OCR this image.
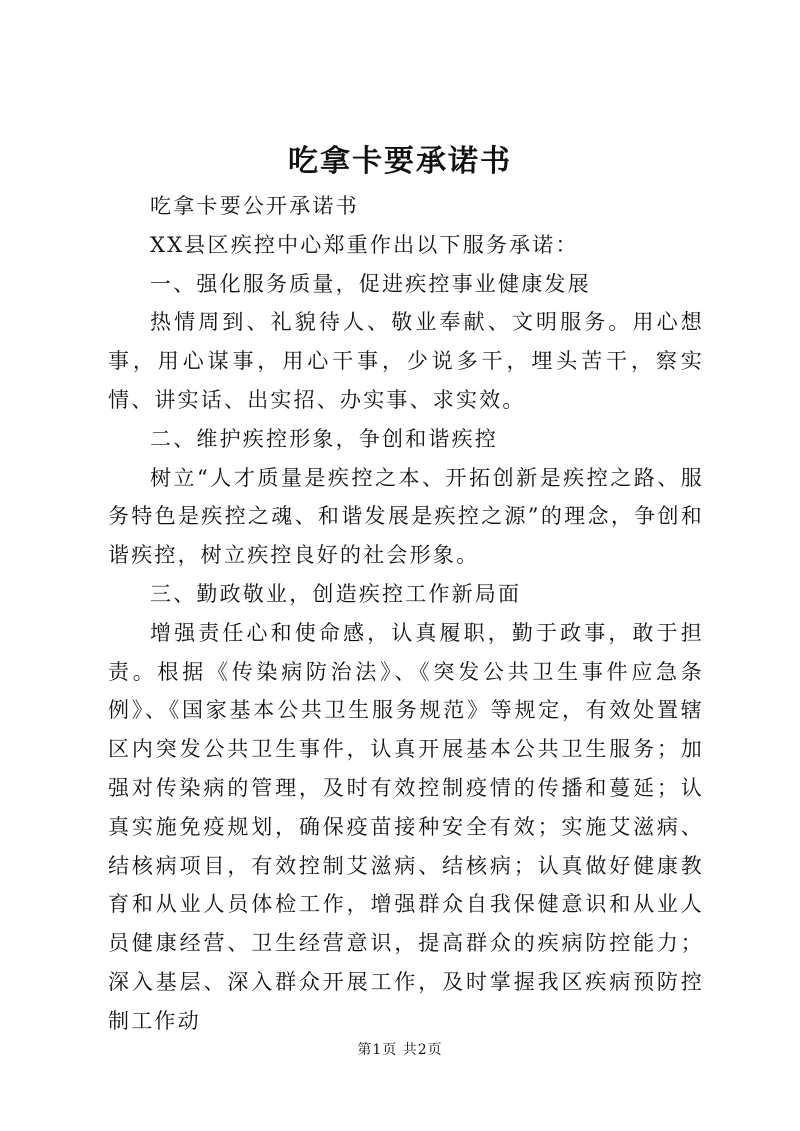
吃拿卡要承诺书

吃拿卡要公开承诺书

XX县区疾控中心郑重作出以下服务承诺：

一、强化服务质量，促进疾控事业健康发展

热情周到、礼貌待人、敬业奉献、文明服务。用心想事，用心谋事，用心干事，少说多干，埋头苦干，察实情、讲实话、出实招、办实事、求实效。

二、维护疾控形象，争创和谐疾控

树立“人才质量是疾控之本、开拓创新是疾控之路、服务特色是疾控之魂、和谐发展是疾控之源”的理念，争创和谐疾控，树立疾控良好的社会形象。

三、勤政敬业，创造疾控工作新局面

增强责任心和使命感，认真履职，勤于政事，敢于担责。根据《传染病防治法》、《突发公共卫生事件应急条例》、《国家基本公共卫生服务规范》等规定，有效处置辖区内突发公共卫生事件，认真开展基本公共卫生服务；加强对传染病的管理，及时有效控制疫情的传播和蔓延；认真实施免疫规划，确保疫苗接种安全有效；实施艾滋病、结核病项目，有效控制艾滋病、结核病；认真做好健康教育和从业人员体检工作，增强群众自我保健意识和从业人员健康经营、卫生经营意识，提高群众的疾病防控能力；深入基层、深入群众开展工作，及时掌握我区疾病预防控制工作动

第1页 共2页
